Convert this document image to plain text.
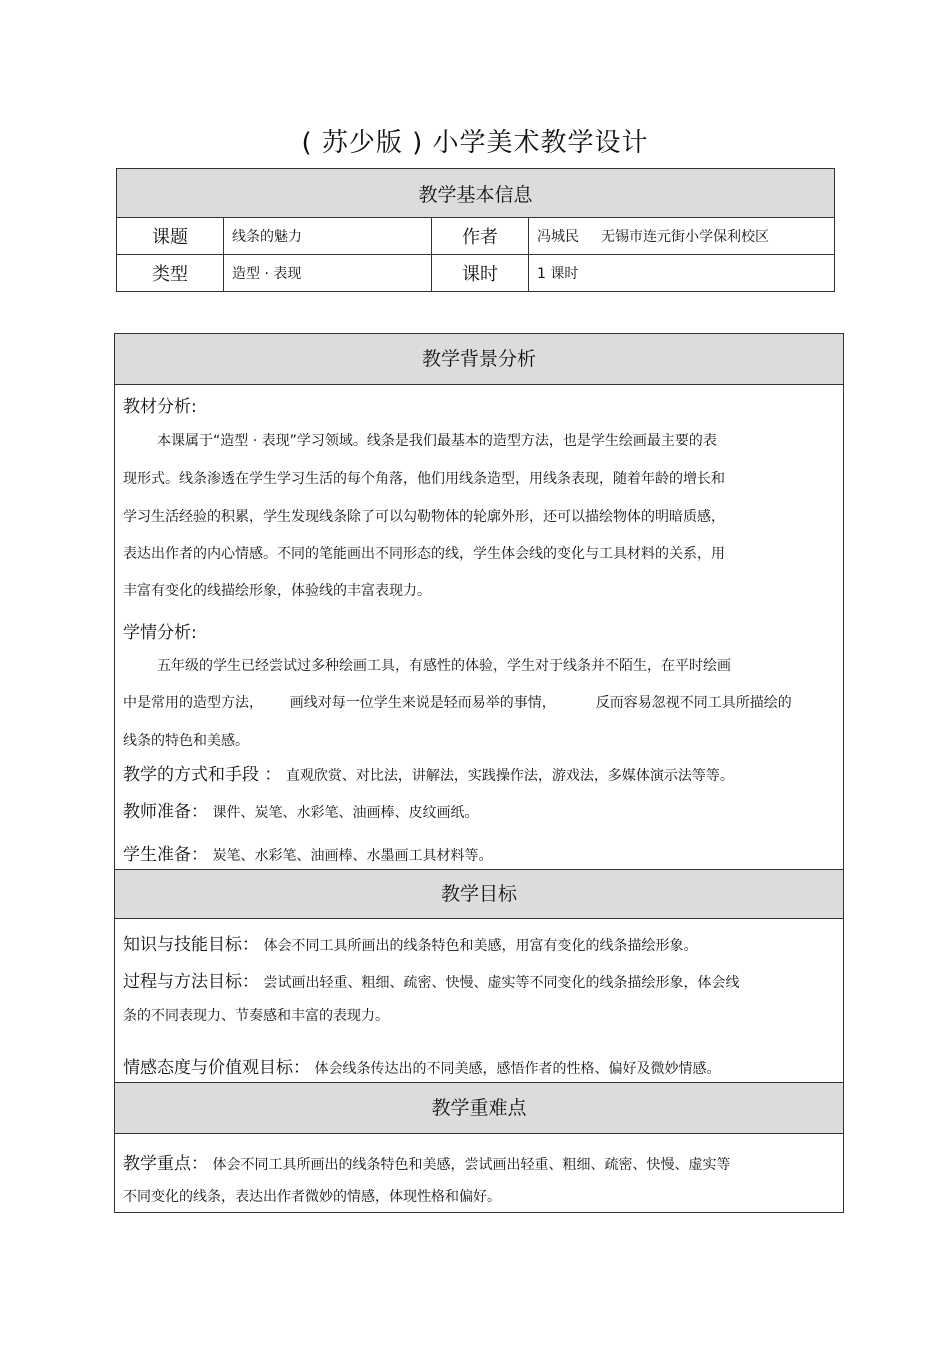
( 苏少版 ) 小学美术教学设计
教学基本信息			
课题	线条的魅力	作者	冯城民 无锡市连元街小学保利校区
类型	造型 · 表现	课时	1 课时
教学背景分析
教材分析:
本课属于“造型 · 表现”学习领域。线条是我们最基本的造型方法，也是学生绘画最主要的表
现形式。线条渗透在学生学习生活的每个角落，他们用线条造型，用线条表现，随着年龄的增长和
学习生活经验的积累，学生发现线条除了可以勾勒物体的轮廓外形，还可以描绘物体的明暗质感，
表达出作者的内心情感。不同的笔能画出不同形态的线，学生体会线的变化与工具材料的关系，用
丰富有变化的线描绘形象，体验线的丰富表现力。
学情分析:
五年级的学生已经尝试过多种绘画工具，有感性的体验，学生对于线条并不陌生，在平时绘画
中是常用的造型方法，      画线对每一位学生来说是轻而易举的事情，         反而容易忽视不同工具所描绘的
线条的特色和美感。
教学的方式和手段 ： 直观欣赏、对比法，讲解法，实践操作法，游戏法，多媒体演示法等等。
教师准备： 课件、炭笔、水彩笔、油画棒、皮纹画纸。
学生准备： 炭笔、水彩笔、油画棒、水墨画工具材料等。
教学目标
知识与技能目标： 体会不同工具所画出的线条特色和美感，用富有变化的线条描绘形象。
过程与方法目标： 尝试画出轻重、粗细、疏密、快慢、虚实等不同变化的线条描绘形象，体会线
条的不同表现力、节奏感和丰富的表现力。
情感态度与价值观目标： 体会线条传达出的不同美感，感悟作者的性格、偏好及微妙情感。
教学重难点
教学重点： 体会不同工具所画出的线条特色和美感，尝试画出轻重、粗细、疏密、快慢、虚实等
不同变化的线条，表达出作者微妙的情感，体现性格和偏好。
